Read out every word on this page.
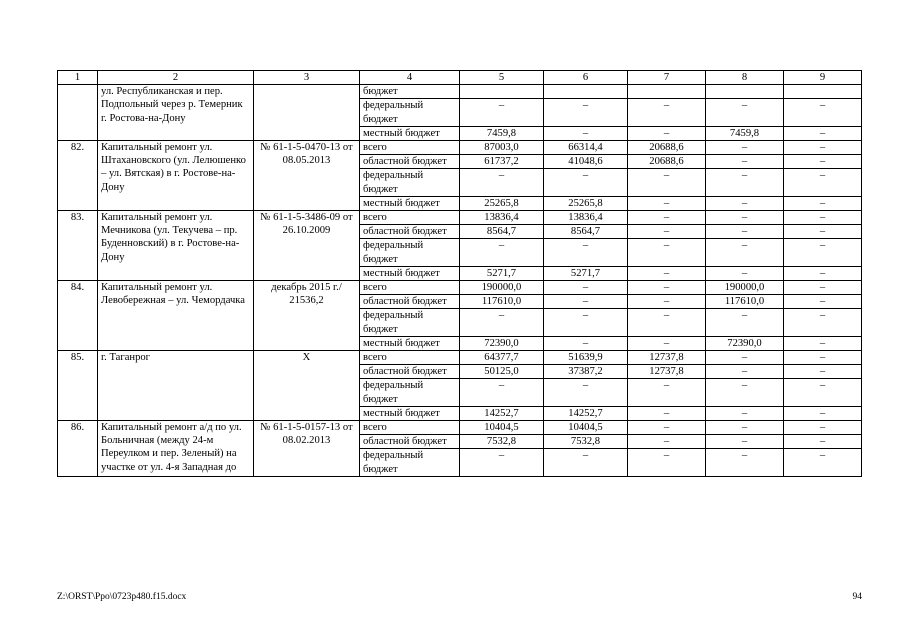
1	2	3	4	5	6	7	8	9
	ул. Республиканская и пер. Подпольный через р. Темерник г. Ростова-на-Дону		бюджет					
			федеральный бюджет	–	–	–	–	–
			местный бюджет	7459,8	–	–	7459,8	–
82.	Капитальный ремонт ул. Штахановского (ул. Лелюшенко – ул. Вятская) в г. Ростове-на-Дону	№ 61-1-5-0470-13 от 08.05.2013	всего	87003,0	66314,4	20688,6	–	–
			областной бюджет	61737,2	41048,6	20688,6	–	–
			федеральный бюджет	–	–	–	–	–
			местный бюджет	25265,8	25265,8	–	–	–
83.	Капитальный ремонт ул. Мечникова (ул. Текучева – пр. Буденновский) в г. Ростове-на-Дону	№ 61-1-5-3486-09 от 26.10.2009	всего	13836,4	13836,4	–	–	–
			областной бюджет	8564,7	8564,7	–	–	–
			федеральный бюджет	–	–	–	–	–
			местный бюджет	5271,7	5271,7	–	–	–
84.	Капитальный ремонт ул. Левобережная – ул. Чемордачка	декабрь 2015 г./ 21536,2	всего	190000,0	–	–	190000,0	–
			областной бюджет	117610,0	–	–	117610,0	–
			федеральный бюджет	–	–	–	–	–
			местный бюджет	72390,0	–	–	72390,0	–
85.	г. Таганрог	X	всего	64377,7	51639,9	12737,8	–	–
			областной бюджет	50125,0	37387,2	12737,8	–	–
			федеральный бюджет	–	–	–	–	–
			местный бюджет	14252,7	14252,7	–	–	–
86.	Капитальный ремонт а/д по ул. Больничная (между 24-м Переулком и пер. Зеленый) на участке от ул. 4-я Западная до	№ 61-1-5-0157-13 от 08.02.2013	всего	10404,5	10404,5	–	–	–
			областной бюджет	7532,8	7532,8	–	–	–
			федеральный бюджет	–	–	–	–	–
Z:\ORST\Ppo\0723p480.f15.docx	94
